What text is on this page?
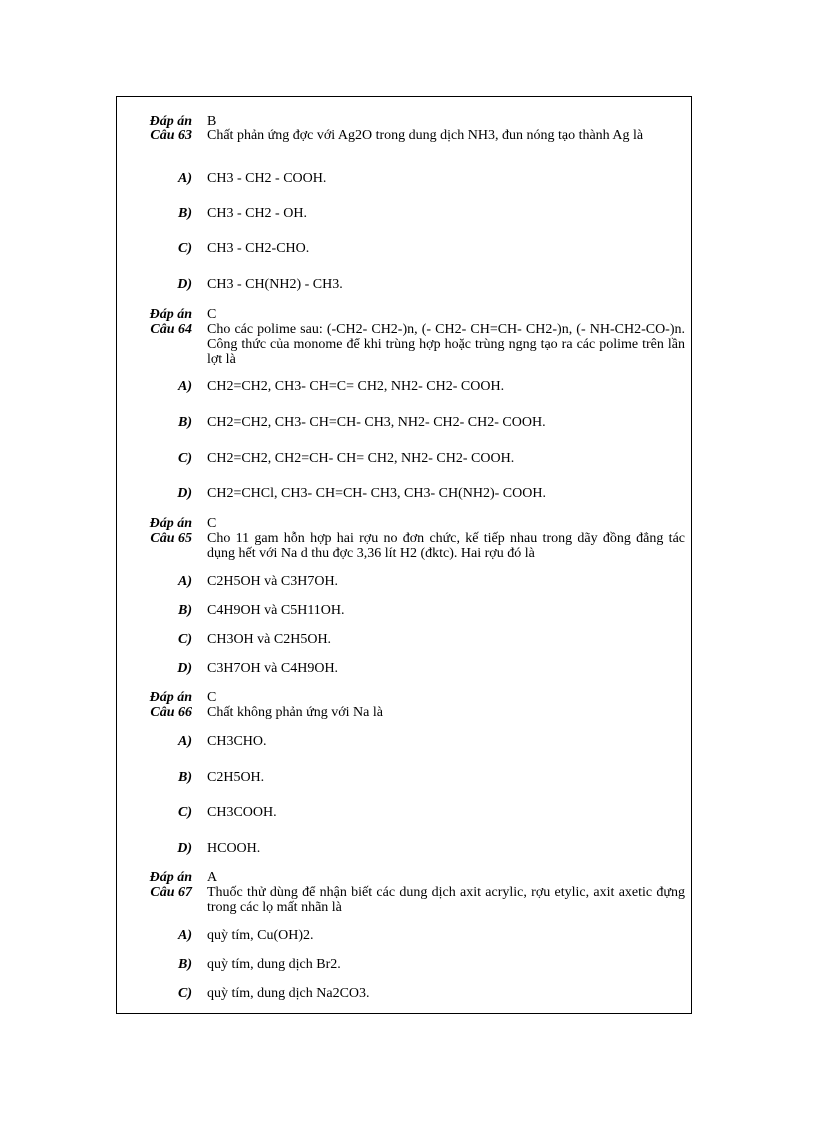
Đáp án B
Câu 63 Chất phản ứng đợc với Ag2O trong dung dịch NH3, đun nóng tạo thành Ag là
A) CH3 - CH2 - COOH.
B) CH3 - CH2 - OH.
C) CH3 - CH2-CHO.
D) CH3 - CH(NH2) - CH3.
Đáp án C
Câu 64 Cho các polime sau: (-CH2- CH2-)n, (- CH2- CH=CH- CH2-)n, (- NH-CH2-CO-)n. Công thức của monome để khi trùng hợp hoặc trùng ngng tạo ra các polime trên lần lợt là
A) CH2=CH2, CH3- CH=C= CH2, NH2- CH2- COOH.
B) CH2=CH2, CH3- CH=CH- CH3, NH2- CH2- CH2- COOH.
C) CH2=CH2, CH2=CH- CH= CH2, NH2- CH2- COOH.
D) CH2=CHCl, CH3- CH=CH- CH3, CH3- CH(NH2)- COOH.
Đáp án C
Câu 65 Cho 11 gam hỗn hợp hai rợu no đơn chức, kế tiếp nhau trong dãy đồng đẳng tác dụng hết với Na d thu đợc 3,36 lít H2 (đktc). Hai rợu đó là
A) C2H5OH và C3H7OH.
B) C4H9OH và C5H11OH.
C) CH3OH và C2H5OH.
D) C3H7OH và C4H9OH.
Đáp án C
Câu 66 Chất không phản ứng với Na là
A) CH3CHO.
B) C2H5OH.
C) CH3COOH.
D) HCOOH.
Đáp án A
Câu 67 Thuốc thử dùng để nhận biết các dung dịch axit acrylic, rợu etylic, axit axetic đựng trong các lọ mất nhãn là
A) quỳ tím, Cu(OH)2.
B) quỳ tím, dung dịch Br2.
C) quỳ tím, dung dịch Na2CO3.
